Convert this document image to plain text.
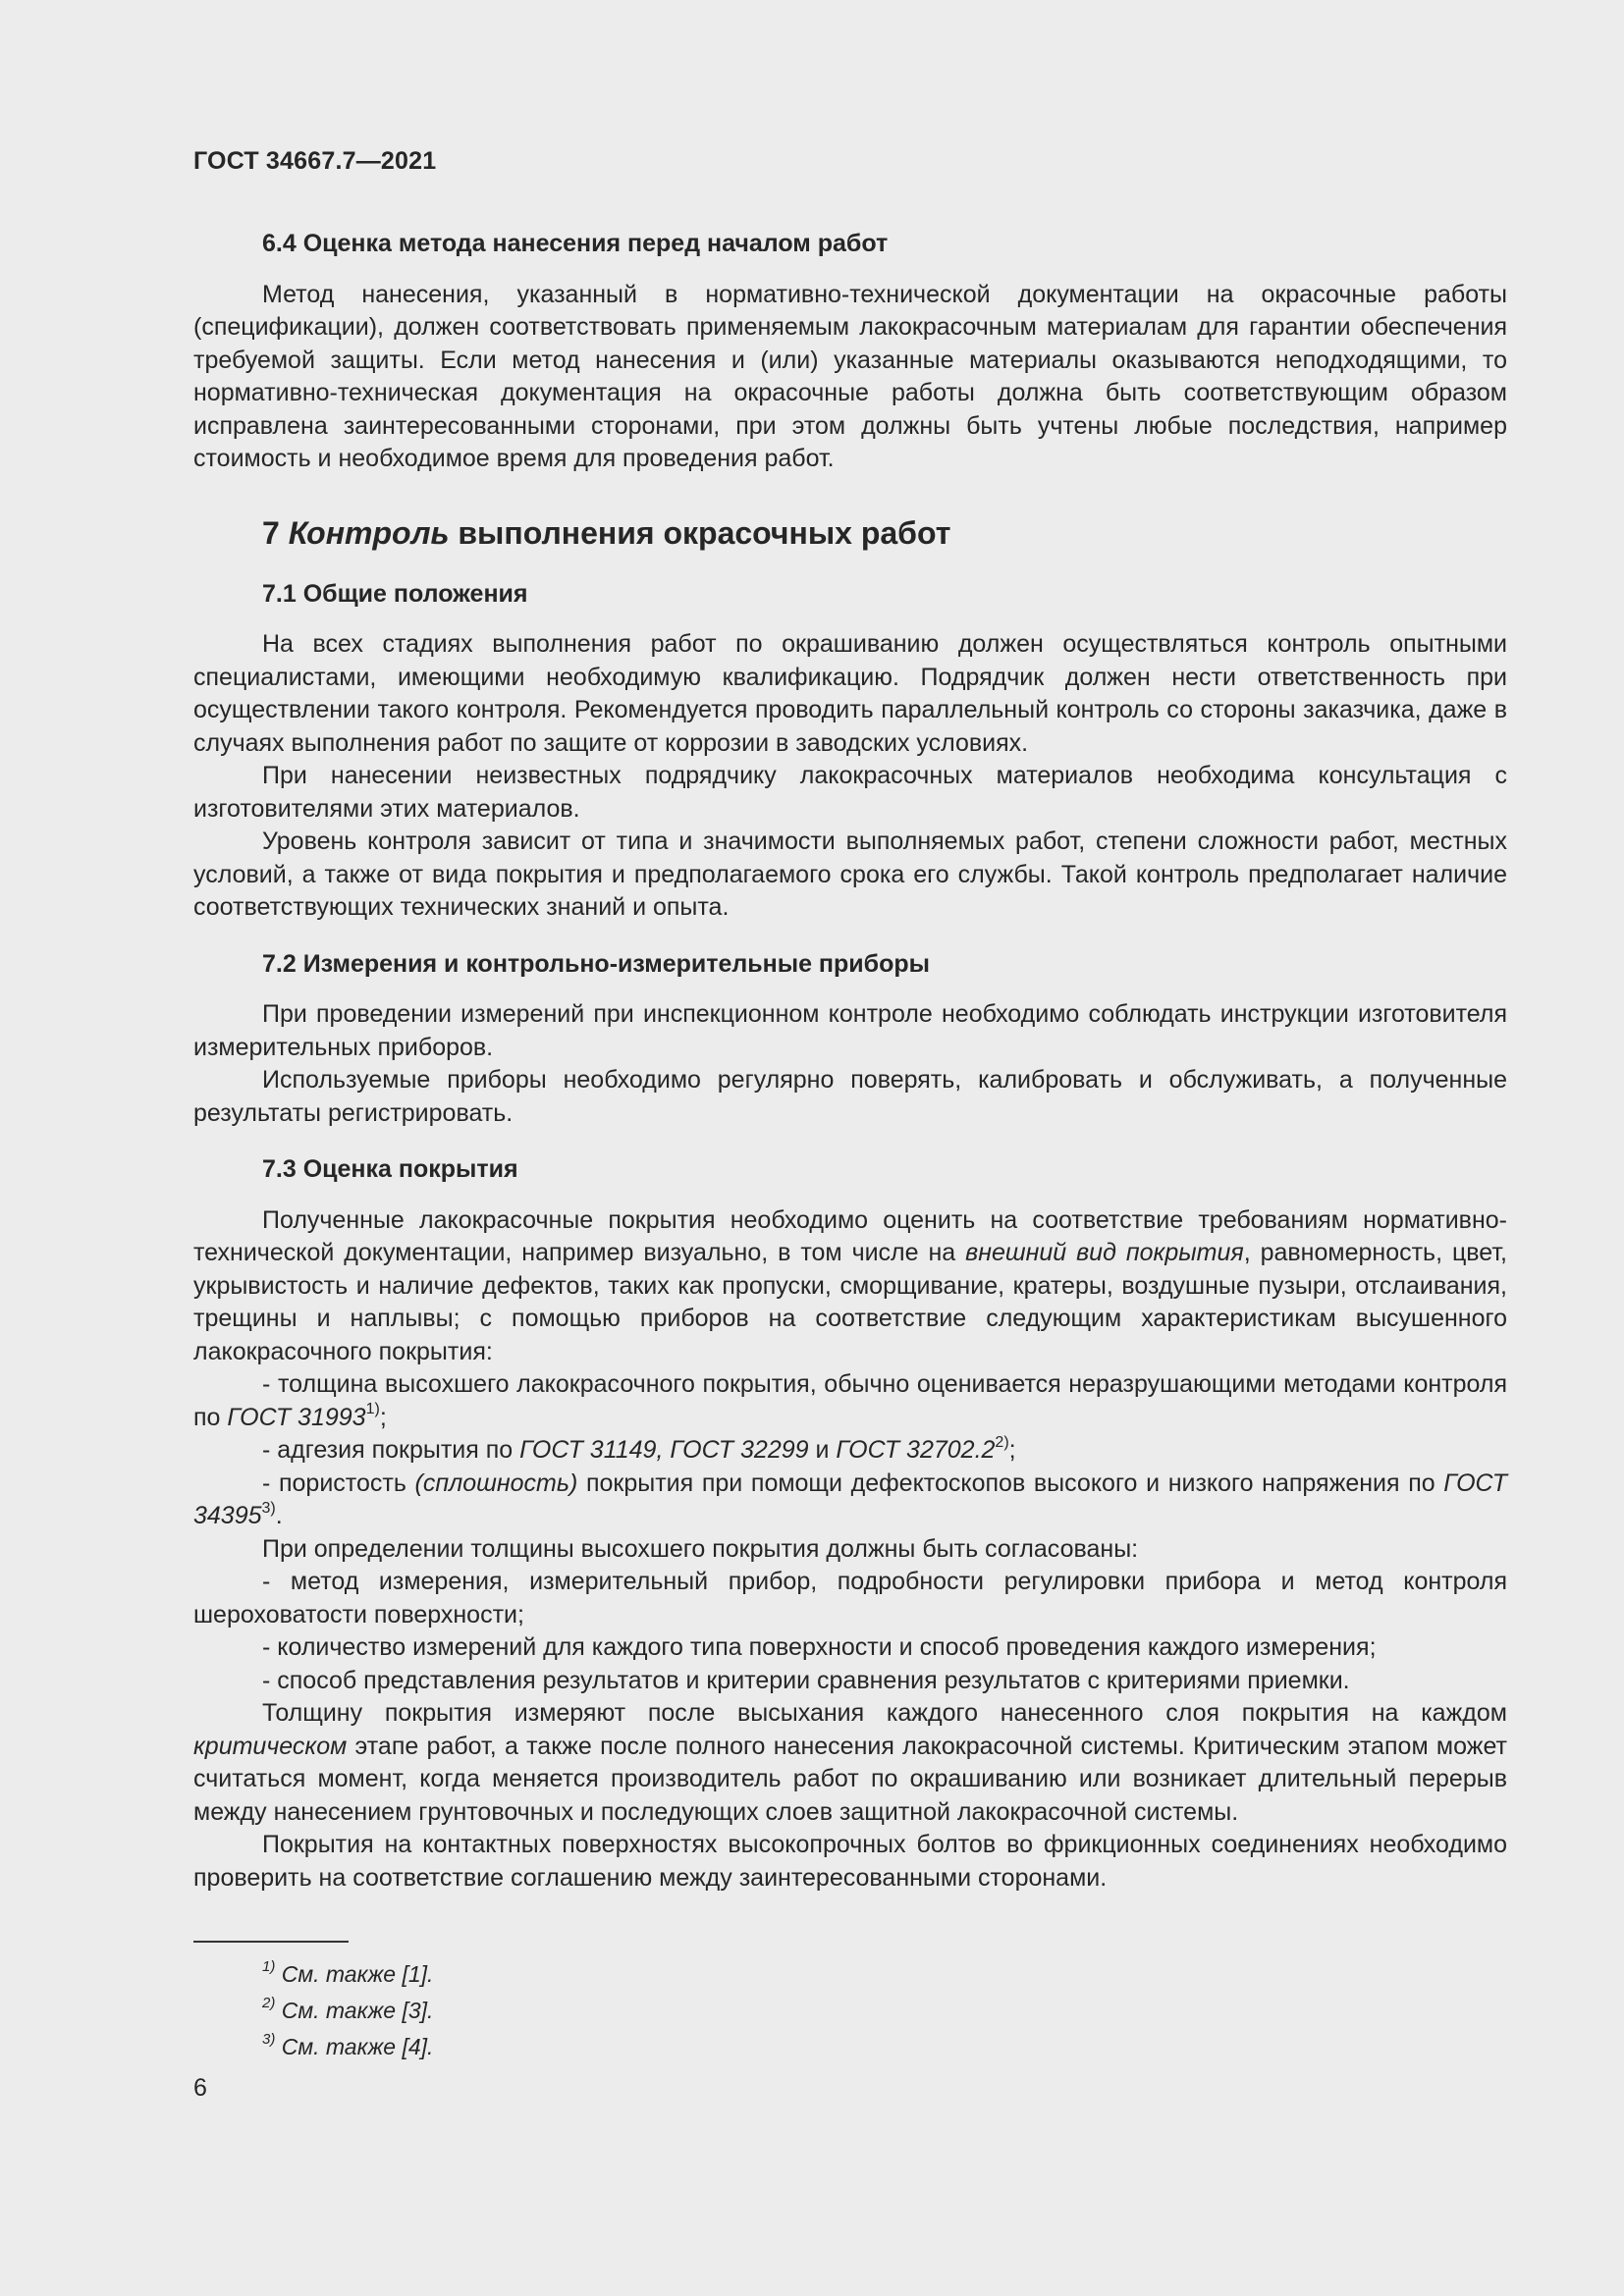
ГОСТ 34667.7—2021
6.4 Оценка метода нанесения перед началом работ

Метод нанесения, указанный в нормативно-технической документации на окрасочные работы (спецификации), должен соответствовать применяемым лакокрасочным материалам для гарантии обеспечения требуемой защиты. Если метод нанесения и (или) указанные материалы оказываются неподходящими, то нормативно-техническая документация на окрасочные работы должна быть соответствующим образом исправлена заинтересованными сторонами, при этом должны быть учтены любые последствия, например стоимость и необходимое время для проведения работ.

7 Контроль выполнения окрасочных работ
7.1 Общие положения

На всех стадиях выполнения работ по окрашиванию должен осуществляться контроль опытными специалистами, имеющими необходимую квалификацию. Подрядчик должен нести ответственность при осуществлении такого контроля. Рекомендуется проводить параллельный контроль со стороны заказчика, даже в случаях выполнения работ по защите от коррозии в заводских условиях.

При нанесении неизвестных подрядчику лакокрасочных материалов необходима консультация с изготовителями этих материалов.

Уровень контроля зависит от типа и значимости выполняемых работ, степени сложности работ, местных условий, а также от вида покрытия и предполагаемого срока его службы. Такой контроль предполагает наличие соответствующих технических знаний и опыта.

7.2 Измерения и контрольно-измерительные приборы

При проведении измерений при инспекционном контроле необходимо соблюдать инструкции изготовителя измерительных приборов.

Используемые приборы необходимо регулярно поверять, калибровать и обслуживать, а полученные результаты регистрировать.

7.3 Оценка покрытия

Полученные лакокрасочные покрытия необходимо оценить на соответствие требованиям нормативно-технической документации, например визуально, в том числе на внешний вид покрытия, равномерность, цвет, укрывистость и наличие дефектов, таких как пропуски, сморщивание, кратеры, воздушные пузыри, отслаивания, трещины и наплывы; с помощью приборов на соответствие следующим характеристикам высушенного лакокрасочного покрытия:

- толщина высохшего лакокрасочного покрытия, обычно оценивается неразрушающими методами контроля по ГОСТ 31993$^{1)}$;

- адгезия покрытия по ГОСТ 31149, ГОСТ 32299 и ГОСТ 32702.2$^{2)}$;

- пористость (сплошность) покрытия при помощи дефектоскопов высокого и низкого напряжения по ГОСТ 34395$^{3)}$.

При определении толщины высохшего покрытия должны быть согласованы:

- метод измерения, измерительный прибор, подробности регулировки прибора и метод контроля шероховатости поверхности;

- количество измерений для каждого типа поверхности и способ проведения каждого измерения;

- способ представления результатов и критерии сравнения результатов с критериями приемки.

Толщину покрытия измеряют после высыхания каждого нанесенного слоя покрытия на каждом критическом этапе работ, а также после полного нанесения лакокрасочной системы. Критическим этапом может считаться момент, когда меняется производитель работ по окрашиванию или возникает длительный перерыв между нанесением грунтовочных и последующих слоев защитной лакокрасочной системы.

Покрытия на контактных поверхностях высокопрочных болтов во фрикционных соединениях необходимо проверить на соответствие соглашению между заинтересованными сторонами.

$^{1)}$ См. также [1].
$^{2)}$ См. также [3].
$^{3)}$ См. также [4].
6
